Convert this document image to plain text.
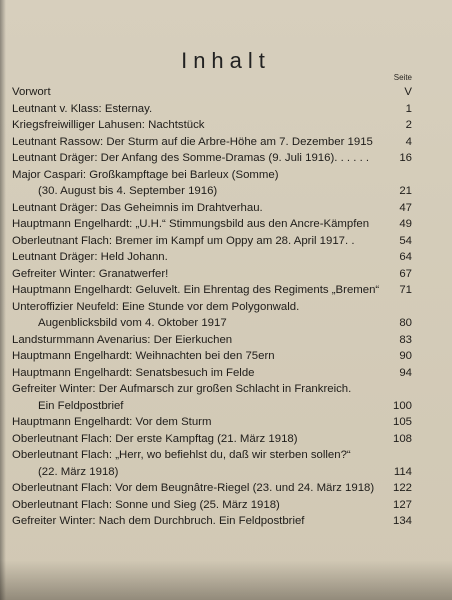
Inhalt
Seite
Vorwort	V
Leutnant v. Klass: Esternay.	1
Kriegsfreiwilliger Lahusen: Nachtstück	2
Leutnant Rassow: Der Sturm auf die Arbre-Höhe am 7. Dezember 1915	4
Leutnant Dräger: Der Anfang des Somme-Dramas (9. Juli 1916). . . . . .	16
Major Caspari: Großkampftage bei Barleux (Somme)
(30. August bis 4. September 1916)	21
Leutnant Dräger: Das Geheimnis im Drahtverhau.	47
Hauptmann Engelhardt: „U.H.“ Stimmungsbild aus den Ancre-Kämpfen	49
Oberleutnant Flach: Bremer im Kampf um Oppy am 28. April 1917. .	54
Leutnant Dräger: Held Johann.	64
Gefreiter Winter: Granatwerfer!	67
Hauptmann Engelhardt: Geluvelt. Ein Ehrentag des Regiments „Bremen“ 71
Unteroffizier Neufeld: Eine Stunde vor dem Polygonwald.
Augenblicksbild vom 4. Oktober 1917	80
Landsturmmann Avenarius: Der Eierkuchen	83
Hauptmann Engelhardt: Weihnachten bei den 75ern	90
Hauptmann Engelhardt: Senatsbesuch im Felde	94
Gefreiter Winter: Der Aufmarsch zur großen Schlacht in Frankreich.
Ein Feldpostbrief	100
Hauptmann Engelhardt: Vor dem Sturm	105
Oberleutnant Flach: Der erste Kampftag (21. März 1918)	108
Oberleutnant Flach: „Herr, wo befiehlst du, daß wir sterben sollen?“
(22. März 1918)	114
Oberleutnant Flach: Vor dem Beugnâtre-Riegel (23. und 24. März 1918)	122
Oberleutnant Flach: Sonne und Sieg (25. März 1918)	127
Gefreiter Winter: Nach dem Durchbruch. Ein Feldpostbrief	134
